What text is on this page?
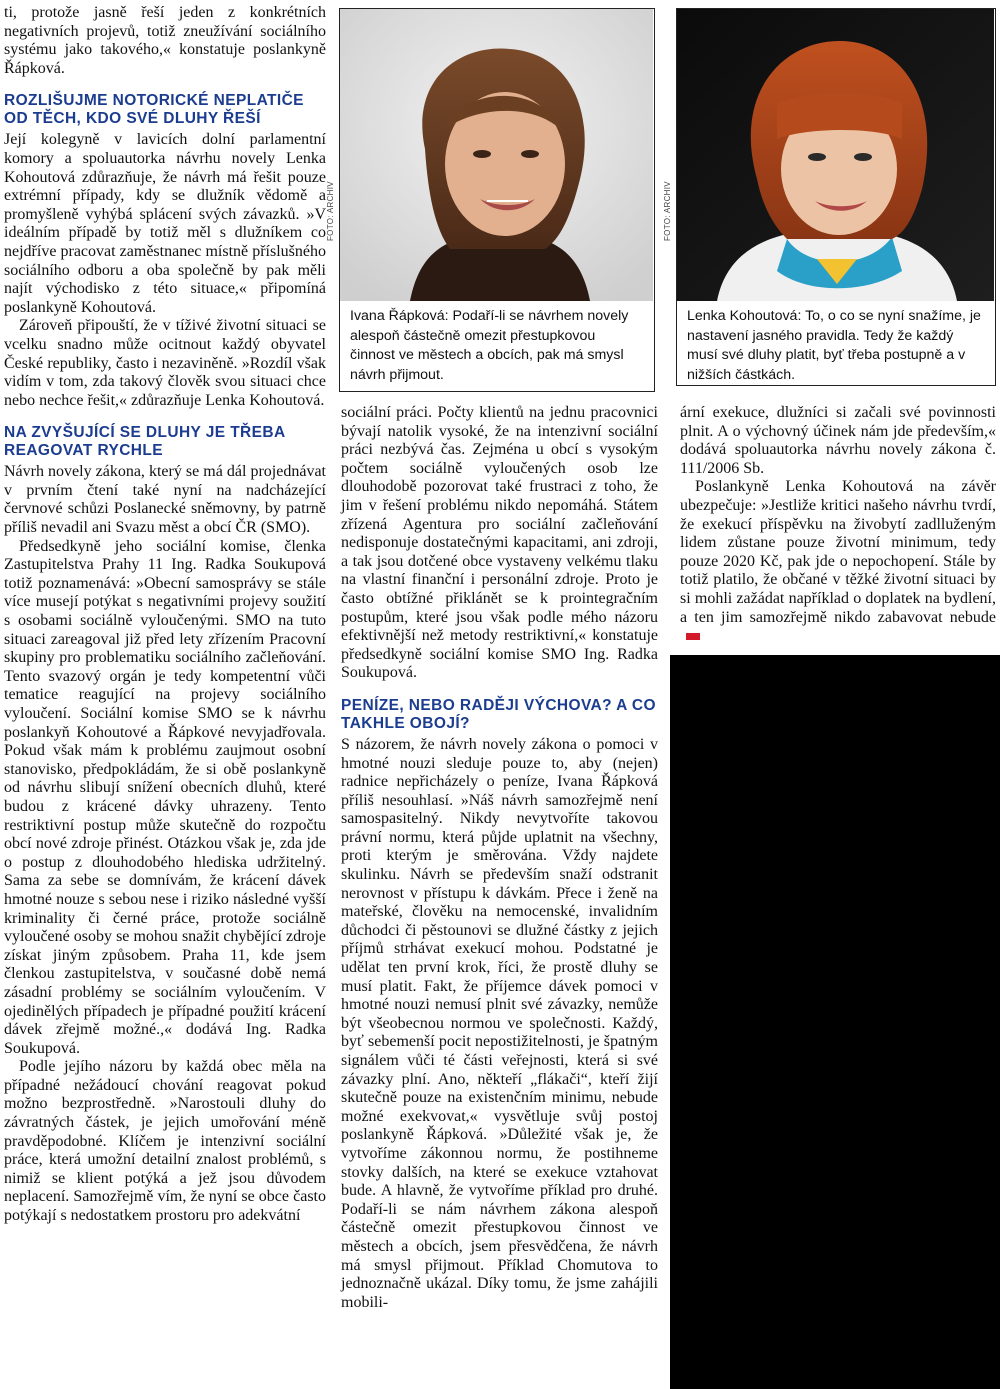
ti, protože jasně řeší jeden z konkrétních negativních projevů, totiž zneužívání sociálního systému jako takového,« konstatuje poslankyně Řápková.

ROZLIŠUJME NOTORICKÉ NEPLATIČE OD TĚCH, KDO SVÉ DLUHY ŘEŠÍ

Její kolegyně v lavicích dolní parlamentní komory a spoluautorka návrhu novely Lenka Kohoutová zdůrazňuje, že návrh má řešit pouze extrémní případy, kdy se dlužník vědomě a promyšleně vyhýbá splácení svých závazků. »V ideálním případě by totiž měl s dlužníkem co nejdříve pracovat zaměstnanec místně příslušného sociálního odboru a oba společně by pak měli najít východisko z této situace,« připomíná poslankyně Kohoutová.

Zároveň připouští, že v tíživé životní situaci se vcelku snadno může ocitnout každý obyvatel České republiky, často i nezaviněně. »Rozdíl však vidím v tom, zda takový člověk svou situaci chce nebo nechce řešit,« zdůrazňuje Lenka Kohoutová.

NA ZVYŠUJÍCÍ SE DLUHY JE TŘEBA REAGOVAT RYCHLE

Návrh novely zákona, který se má dál projednávat v prvním čtení také nyní na nadcházející červnové schůzi Poslanecké sněmovny, by patrně příliš nevadil ani Svazu měst a obcí ČR (SMO).

Předsedkyně jeho sociální komise, členka Zastupitelstva Prahy 11 Ing. Radka Soukupová totiž poznamenává: »Obecní samosprávy se stále více musejí potýkat s negativními projevy soužití s osobami sociálně vyloučenými. SMO na tuto situaci zareagoval již před lety zřízením Pracovní skupiny pro problematiku sociálního začleňování. Tento svazový orgán je tedy kompetentní vůči tematice reagující na projevy sociálního vyloučení. Sociální komise SMO se k návrhu poslankyň Kohoutové a Řápkové nevyjadřovala. Pokud však mám k problému zaujmout osobní stanovisko, předpokládám, že si obě poslankyně od návrhu slibují snížení obecních dluhů, které budou z krácené dávky uhrazeny. Tento restriktivní postup může skutečně do rozpočtu obcí nové zdroje přinést. Otázkou však je, zda jde o postup z dlouhodobého hlediska udržitelný. Sama za sebe se domnívám, že krácení dávek hmotné nouze s sebou nese i riziko následné vyšší kriminality či černé práce, protože sociálně vyloučené osoby se mohou snažit chybějící zdroje získat jiným způsobem. Praha 11, kde jsem členkou zastupitelstva, v současné době nemá zásadní problémy se sociálním vyloučením. V ojedinělých případech je případné použití krácení dávek zřejmě možné.,« dodává Ing. Radka Soukupová.

Podle jejího názoru by každá obec měla na případné nežádoucí chování reagovat pokud možno bezprostředně. »Narostouli dluhy do závratných částek, je jejich umořování méně pravděpodobné. Klíčem je intenzivní sociální práce, která umožní detailní znalost problémů, s nimiž se klient potýká a jež jsou důvodem neplacení. Samozřejmě vím, že nyní se obce často potýkají s nedostatkem prostoru pro adekvátní

FOTO: ARCHIV
Ivana Řápková: Podaří-li se návrhem novely alespoň částečně omezit přestupkovou činnost ve městech a obcích, pak má smysl návrh přijmout.
FOTO: ARCHIV
Lenka Kohoutová: To, o co se nyní snažíme, je nastavení jasného pravidla. Tedy že každý musí své dluhy platit, byť třeba postupně a v nižších částkách.

sociální práci. Počty klientů na jednu pracovnici bývají natolik vysoké, že na intenzivní sociální práci nezbývá čas. Zejména u obcí s vysokým počtem sociálně vyloučených osob lze dlouhodobě pozorovat také frustraci z toho, že jim v řešení problému nikdo nepomáhá. Státem zřízená Agentura pro sociální začleňování nedisponuje dostatečnými kapacitami, ani zdroji, a tak jsou dotčené obce vystaveny velkému tlaku na vlastní finanční i personální zdroje. Proto je často obtížné přiklánět se k prointegračním postupům, které jsou však podle mého názoru efektivnější než metody restriktivní,« konstatuje předsedkyně sociální komise SMO Ing. Radka Soukupová.

PENÍZE, NEBO RADĚJI VÝCHOVA? A CO TAKHLE OBOJÍ?

S názorem, že návrh novely zákona o pomoci v hmotné nouzi sleduje pouze to, aby (nejen) radnice nepřicházely o peníze, Ivana Řápková příliš nesouhlasí. »Náš návrh samozřejmě není samospasitelný. Nikdy nevytvoříte takovou právní normu, která půjde uplatnit na všechny, proti kterým je směrována. Vždy najdete skulinku. Návrh se především snaží odstranit nerovnost v přístupu k dávkám. Přece i ženě na mateřské, člověku na nemocenské, invalidním důchodci či pěstounovi se dlužné částky z jejich příjmů strhávat exekucí mohou. Podstatné je udělat ten první krok, říci, že prostě dluhy se musí platit. Fakt, že příjemce dávek pomoci v hmotné nouzi nemusí plnit své závazky, nemůže být všeobecnou normou ve společnosti. Každý, byť sebemenší pocit nepostižitelnosti, je špatným signálem vůči té části veřejnosti, která si své závazky plní. Ano, někteří „flákači“, kteří žijí skutečně pouze na existenčním minimu, nebude možné exekvovat,« vysvětluje svůj postoj poslankyně Řápková. »Důležité však je, že vytvoříme zákonnou normu, že postihneme stovky dalších, na které se exekuce vztahovat bude. A hlavně, že vytvoříme příklad pro druhé. Podaří-li se nám návrhem zákona alespoň částečně omezit přestupkovou činnost ve městech a obcích, jsem přesvědčena, že návrh má smysl přijmout. Příklad Chomutova to jednoznačně ukázal. Díky tomu, že jsme zahájili mobili-

ární exekuce, dlužníci si začali své povinnosti plnit. A o výchovný účinek nám jde především,« dodává spoluautorka návrhu novely zákona č. 111/2006 Sb.

Poslankyně Lenka Kohoutová na závěr ubezpečuje: »Jestliže kritici našeho návrhu tvrdí, že exekucí příspěvku na živobytí zadlluženým lidem zůstane pouze životní minimum, tedy pouze 2020 Kč, pak jde o nepochopení. Stále by totiž platilo, že občané v těžké životní situaci by si mohli zažádat například o doplatek na bydlení, a ten jim samozřejmě nikdo zabavovat nebude
